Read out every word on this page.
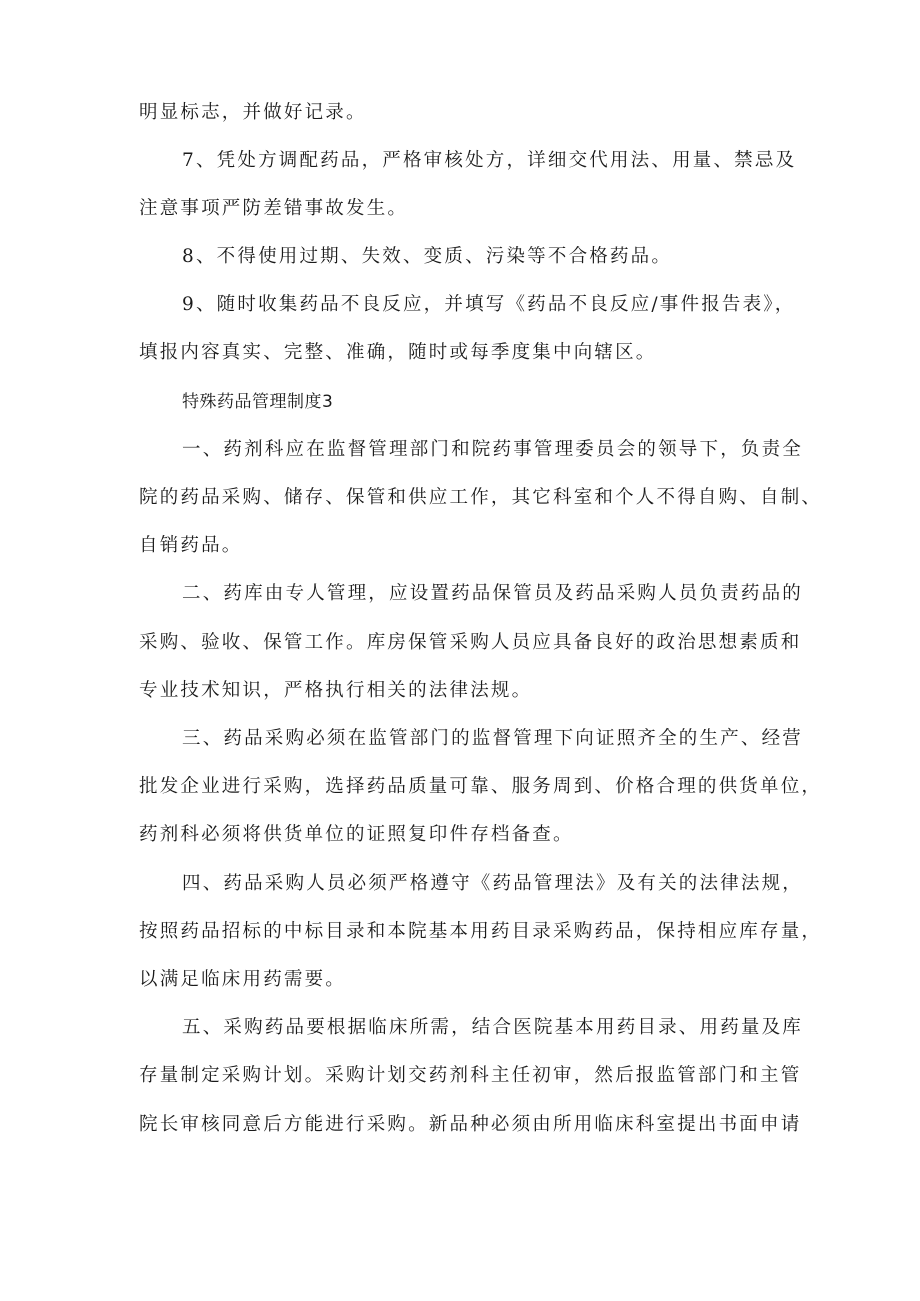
明显标志，并做好记录。
7、凭处方调配药品，严格审核处方，详细交代用法、用量、禁忌及
注意事项严防差错事故发生。
8、不得使用过期、失效、变质、污染等不合格药品。
9、随时收集药品不良反应，并填写《药品不良反应/事件报告表》，
填报内容真实、完整、准确，随时或每季度集中向辖区。
特殊药品管理制度3
一、药剂科应在监督管理部门和院药事管理委员会的领导下，负责全
院的药品采购、储存、保管和供应工作，其它科室和个人不得自购、自制、
自销药品。
二、药库由专人管理，应设置药品保管员及药品采购人员负责药品的
采购、验收、保管工作。库房保管采购人员应具备良好的政治思想素质和
专业技术知识，严格执行相关的法律法规。
三、药品采购必须在监管部门的监督管理下向证照齐全的生产、经营
批发企业进行采购，选择药品质量可靠、服务周到、价格合理的供货单位，
药剂科必须将供货单位的证照复印件存档备查。
四、药品采购人员必须严格遵守《药品管理法》及有关的法律法规，
按照药品招标的中标目录和本院基本用药目录采购药品，保持相应库存量，
以满足临床用药需要。
五、采购药品要根据临床所需，结合医院基本用药目录、用药量及库
存量制定采购计划。采购计划交药剂科主任初审，然后报监管部门和主管
院长审核同意后方能进行采购。新品种必须由所用临床科室提出书面申请
